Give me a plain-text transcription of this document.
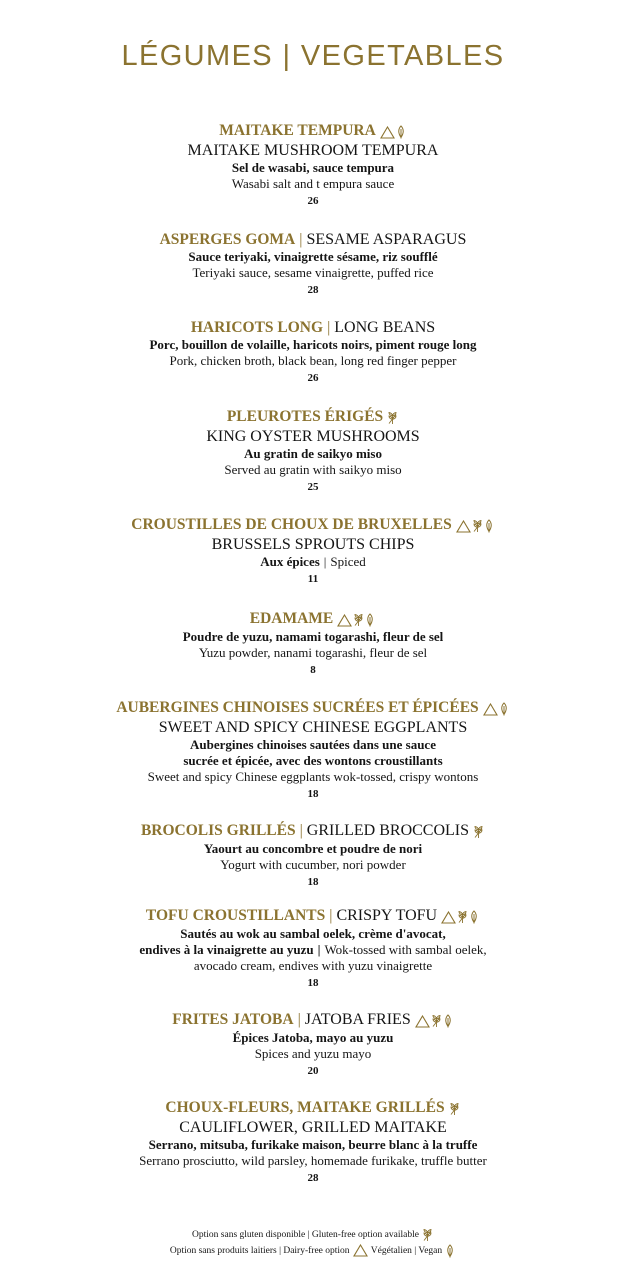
LÉGUMES | VEGETABLES
MAITAKE TEMPURA
MAITAKE MUSHROOM TEMPURA
Sel de wasabi, sauce tempura
Wasabi salt and t empura sauce
26
ASPERGES GOMA | SESAME ASPARAGUS
Sauce teriyaki, vinaigrette sésame, riz soufflé
Teriyaki sauce, sesame vinaigrette, puffed rice
28
HARICOTS LONG | LONG BEANS
Porc, bouillon de volaille, haricots noirs, piment rouge long
Pork, chicken broth, black bean, long red finger pepper
26
PLEUROTES ÉRIGÉS
KING OYSTER MUSHROOMS
Au gratin de saikyo miso
Served au gratin with saikyo miso
25
CROUSTILLES DE CHOUX DE BRUXELLES
BRUSSELS SPROUTS CHIPS
Aux épices | Spiced
11
EDAMAME
Poudre de yuzu, namami togarashi, fleur de sel
Yuzu powder, nanami togarashi, fleur de sel
8
AUBERGINES CHINOISES SUCRÉES ET ÉPICÉES
SWEET AND SPICY CHINESE EGGPLANTS
Aubergines chinoises sautées dans une sauce
sucrée et épicée, avec des wontons croustillants
Sweet and spicy Chinese eggplants wok-tossed, crispy wontons
18
BROCOLIS GRILLÉS | GRILLED BROCCOLIS
Yaourt au concombre et poudre de nori
Yogurt with cucumber, nori powder
18
TOFU CROUSTILLANTS | CRISPY TOFU
Sautés au wok au sambal oelek, crème d'avocat,
endives à la vinaigrette au yuzu | Wok-tossed with sambal oelek,
avocado cream, endives with yuzu vinaigrette
18
FRITES JATOBA | JATOBA FRIES
Épices Jatoba, mayo au yuzu
Spices and yuzu mayo
20
CHOUX-FLEURS, MAITAKE GRILLÉS
CAULIFLOWER, GRILLED MAITAKE
Serrano, mitsuba, furikake maison, beurre blanc à la truffe
Serrano prosciutto, wild parsley, homemade furikake, truffle butter
28
Option sans gluten disponible | Gluten-free option available
Option sans produits laitiers | Dairy-free option Végétalien | Vegan
